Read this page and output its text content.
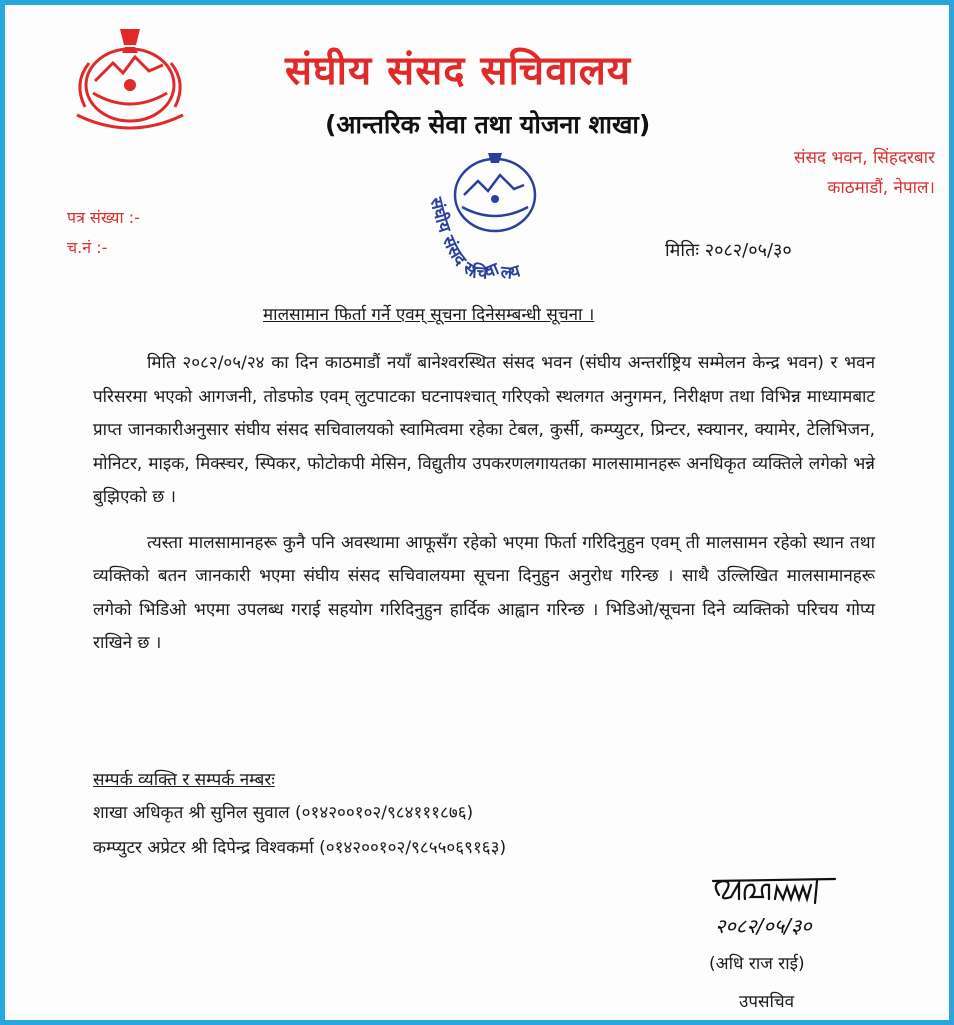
संघीय संसद सचिवालय
(आन्तरिक सेवा तथा योजना शाखा)
संसद भवन, सिंहदरबार
काठमाडौं, नेपाल।
संघीय संसद सचिवालय
पत्र संख्या :-
च.नं :-	मितिः २०८२/०५/३०
मालसामान फिर्ता गर्ने एवम् सूचना दिनेसम्बन्धी सूचना ।

मिति २०८२/०५/२४ का दिन काठमाडौं नयाँ बानेश्वरस्थित संसद भवन (संघीय अन्तर्राष्ट्रिय सम्मेलन केन्द्र भवन) र भवन परिसरमा भएको आगजनी, तोडफोड एवम् लुटपाटका घटनापश्चात् गरिएको स्थलगत अनुगमन, निरीक्षण तथा विभिन्न माध्यामबाट प्राप्त जानकारीअनुसार संघीय संसद सचिवालयको स्वामित्वमा रहेका टेबल, कुर्सी, कम्प्युटर, प्रिन्टर, स्क्यानर, क्यामेर, टेलिभिजन, मोनिटर, माइक, मिक्स्चर, स्पिकर, फोटोकपी मेसिन, विद्युतीय उपकरणलगायतका मालसामानहरू अनधिकृत व्यक्तिले लगेको भन्ने बुझिएको छ ।

त्यस्ता मालसामानहरू कुनै पनि अवस्थामा आफूसँग रहेको भएमा फिर्ता गरिदिनुहुन एवम् ती मालसामन रहेको स्थान तथा व्यक्तिको बतन जानकारी भएमा संघीय संसद सचिवालयमा सूचना दिनुहुन अनुरोध गरिन्छ । साथै उल्लिखित मालसामानहरू लगेको भिडिओ भएमा उपलब्ध गराई सहयोग गरिदिनुहुन हार्दिक आह्वान गरिन्छ । भिडिओ/सूचना दिने व्यक्तिको परिचय गोप्य राखिने छ ।

सम्पर्क व्यक्ति र सम्पर्क नम्बरः
शाखा अधिकृत श्री सुनिल सुवाल (०१४२००१०२/९८४१११८७६)
कम्प्युटर अप्रेटर श्री दिपेन्द्र विश्वकर्मा (०१४२००१०२/९८५५०६९१६३)
२०८२/०५/३०
(अधि राज राई)
उपसचिव
